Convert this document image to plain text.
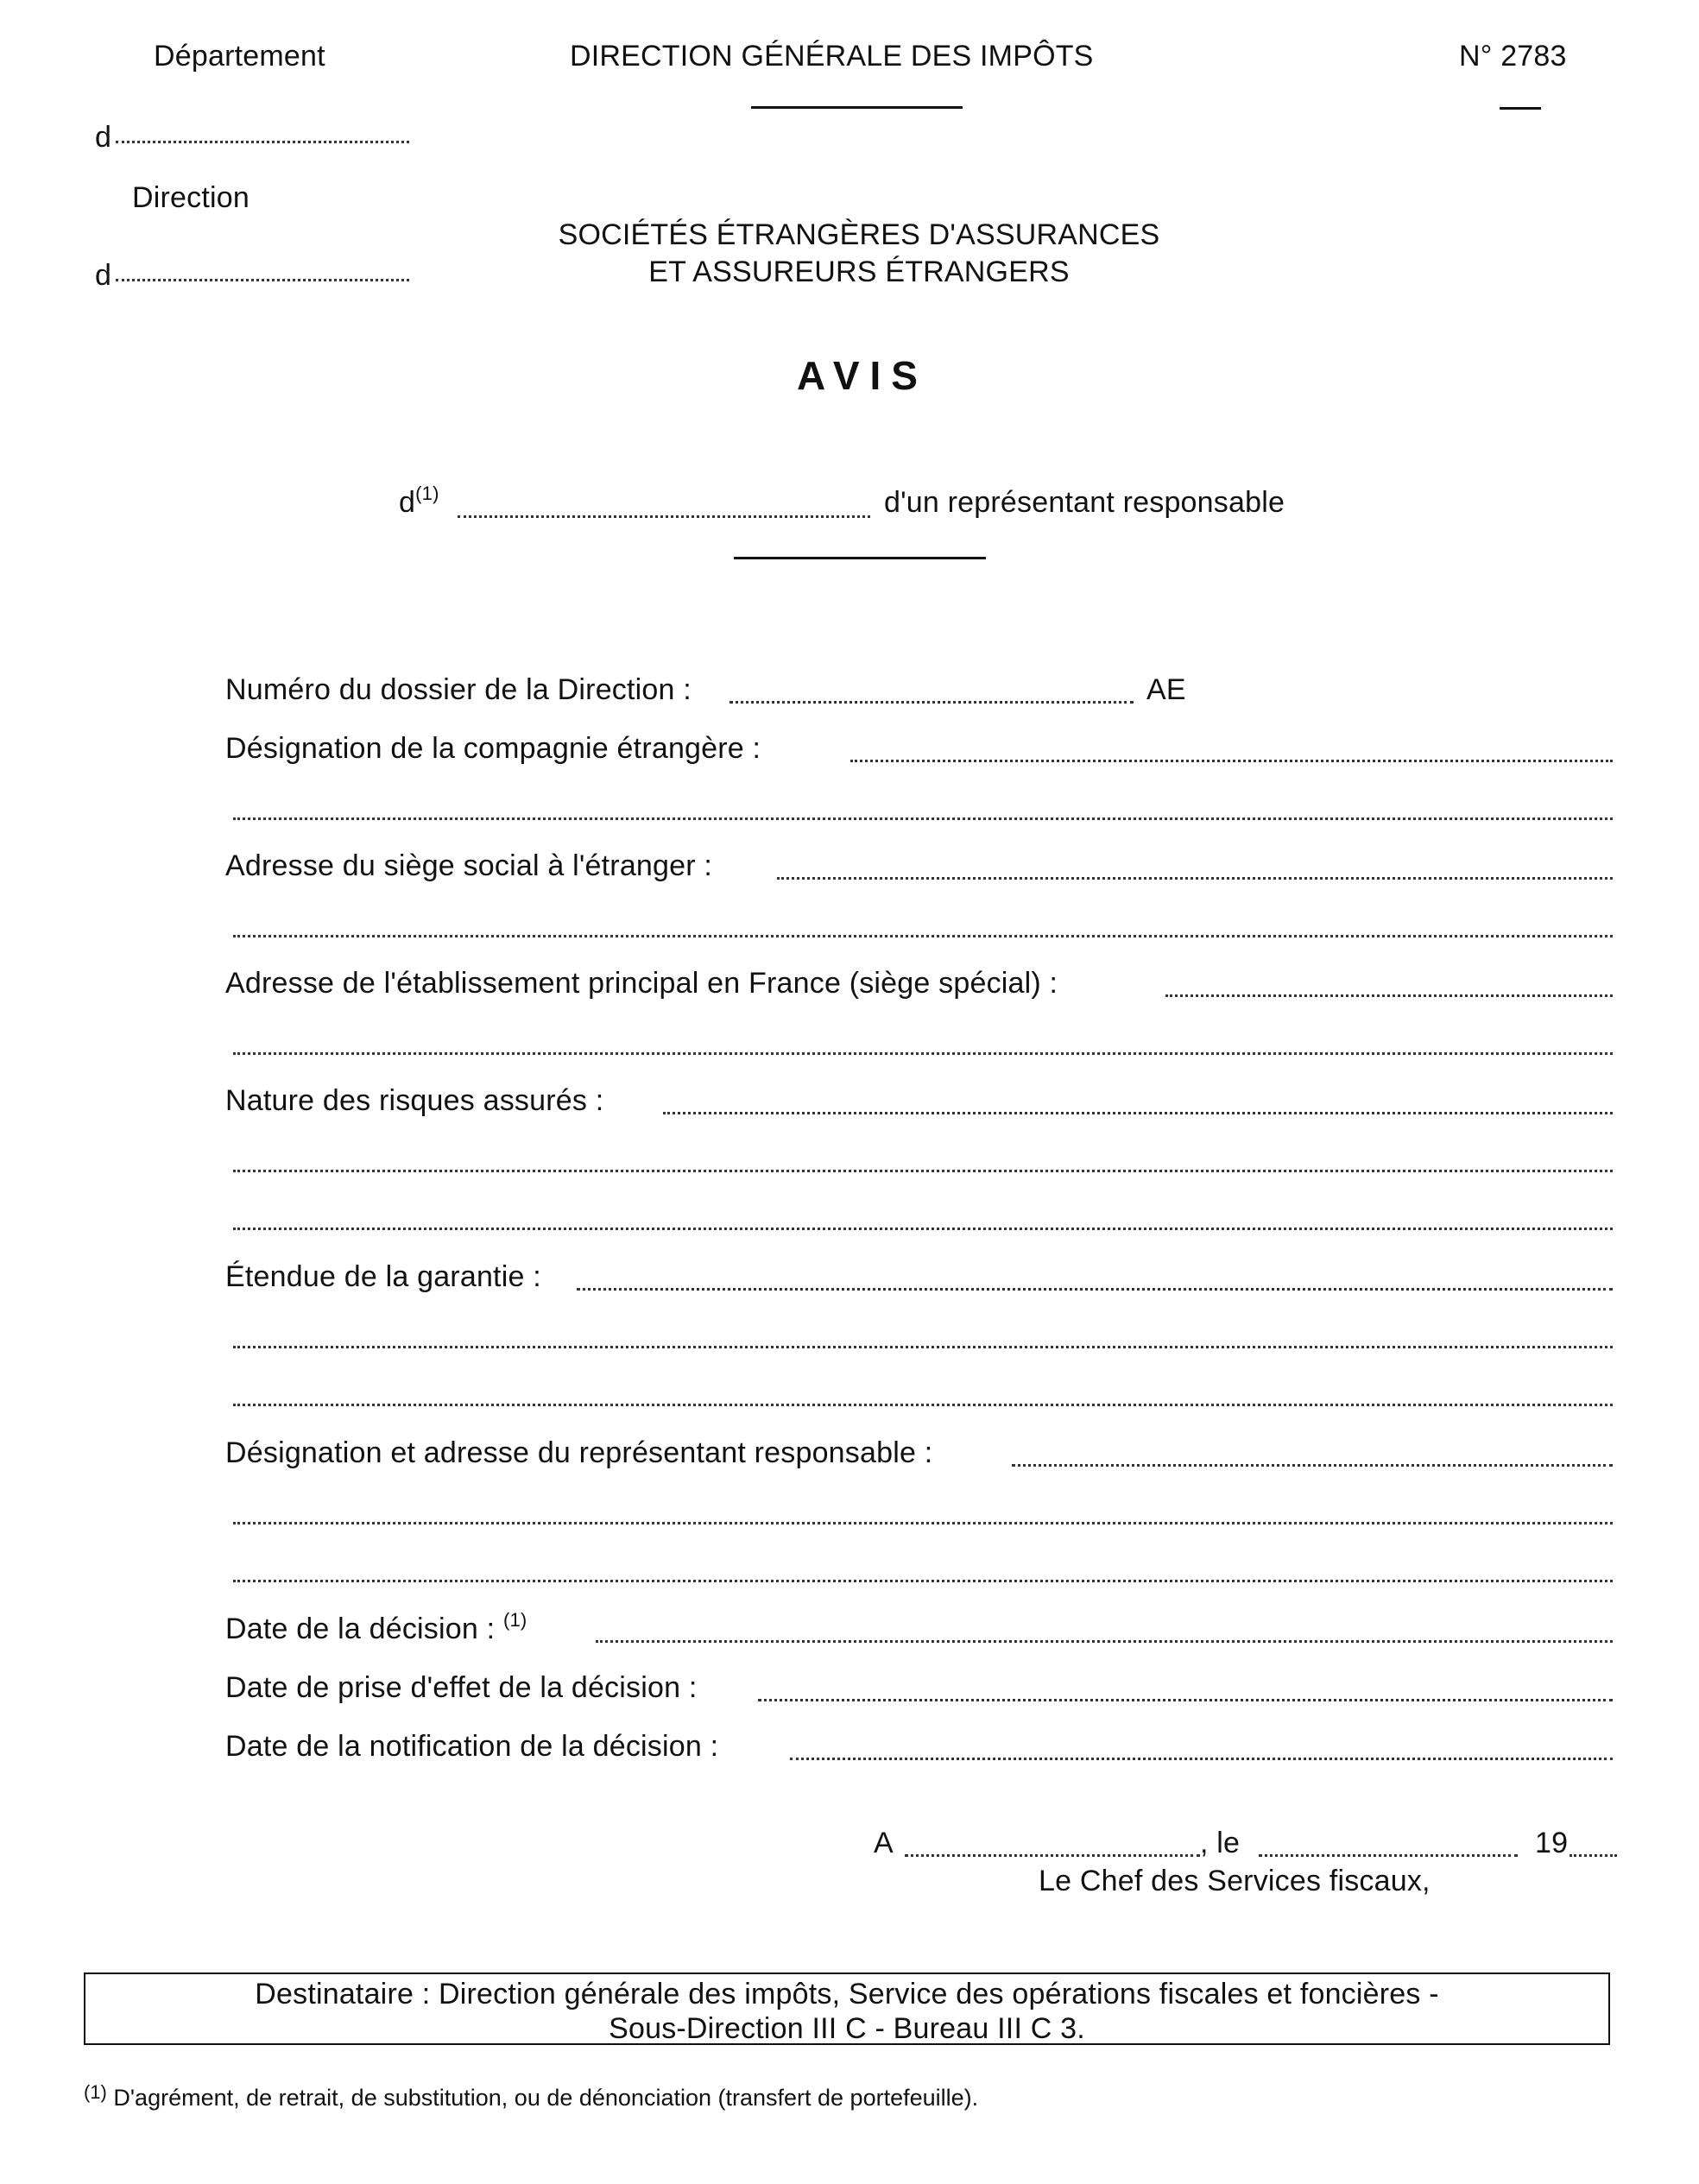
Département
d
Direction
d
DIRECTION GÉNÉRALE DES IMPÔTS
SOCIÉTÉS ÉTRANGÈRES D'ASSURANCES
ET ASSUREURS ÉTRANGERS
N° 2783
AVIS
$d^{(1)}$	d'un représentant responsable
Numéro du dossier de la Direction :	AE
Désignation de la compagnie étrangère :
Adresse du siège social à l'étranger :
Adresse de l'établissement principal en France (siège spécial) :
Nature des risques assurés :
Étendue de la garantie :
Désignation et adresse du représentant responsable :
Date de la décision : $^{(1)}$
Date de prise d'effet de la décision :
Date de la notification de la décision :
A	, le	19
Le Chef des Services fiscaux,
Destinataire : Direction générale des impôts, Service des opérations fiscales et foncières -
Sous-Direction III C - Bureau III C 3.
$^{(1)}$ D'agrément, de retrait, de substitution, ou de dénonciation (transfert de portefeuille).
